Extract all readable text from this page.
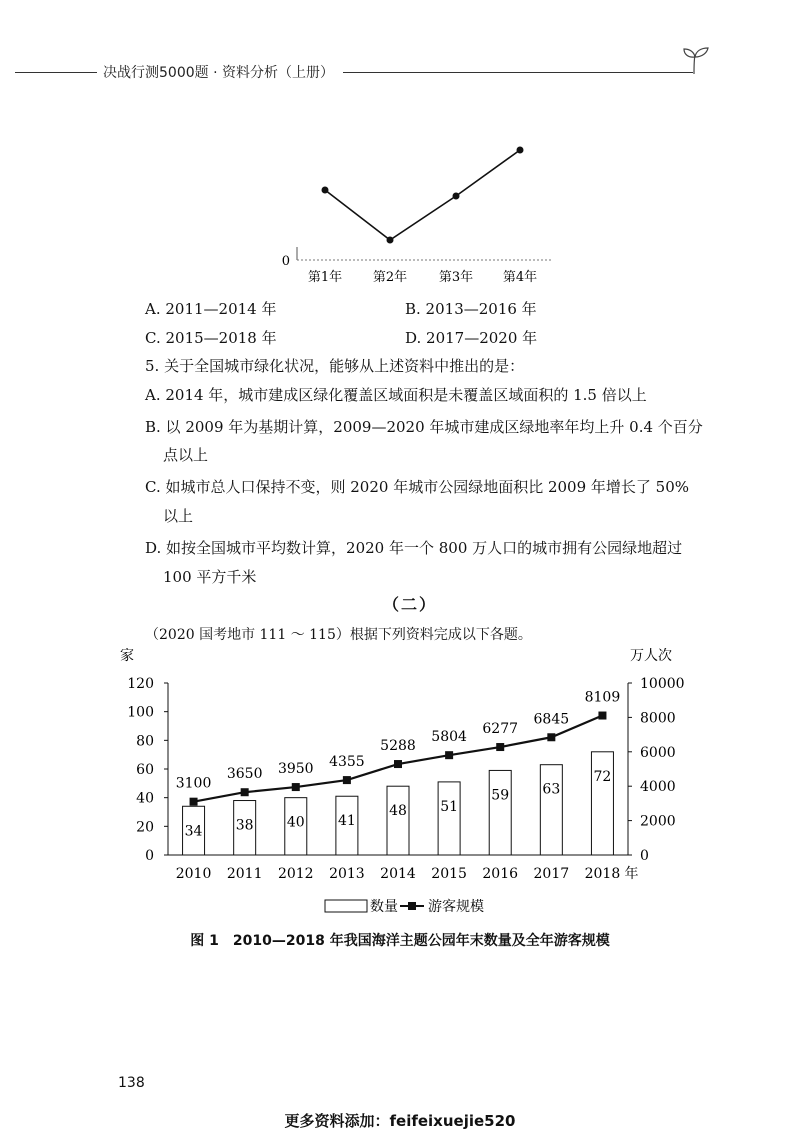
决战行测5000题 · 资料分析（上册）
0
第1年 第2年 第3年 第4年
A. 2011—2014 年	B. 2013—2016 年
C. 2015—2018 年	D. 2017—2020 年
5. 关于全国城市绿化状况，能够从上述资料中推出的是：
A. 2014 年，城市建成区绿化覆盖区域面积是未覆盖区域面积的 1.5 倍以上
B. 以 2009 年为基期计算，2009—2020 年城市建成区绿地率年均上升 0.4 个百分
点以上
C. 如城市总人口保持不变，则 2020 年城市公园绿地面积比 2009 年增长了 50%
以上
D. 如按全国城市平均数计算，2020 年一个 800 万人口的城市拥有公园绿地超过
100 平方千米
（二）
（2020 国考地市 111 ～ 115）根据下列资料完成以下各题。
家	万人次
0
20
40
60
80
100
120
0
2000
4000
6000
8000
10000
2010 2011 2012 2013 2014 2015 2016 2017 2018 年
34
3100
38
3650
40
3950
41
4355
48
5288
51
5804
59
6277
63
6845
72
8109
数量 游客规模
图 1　2010—2018 年我国海洋主题公园年末数量及全年游客规模
138
更多资料添加：feifeixuejie520
